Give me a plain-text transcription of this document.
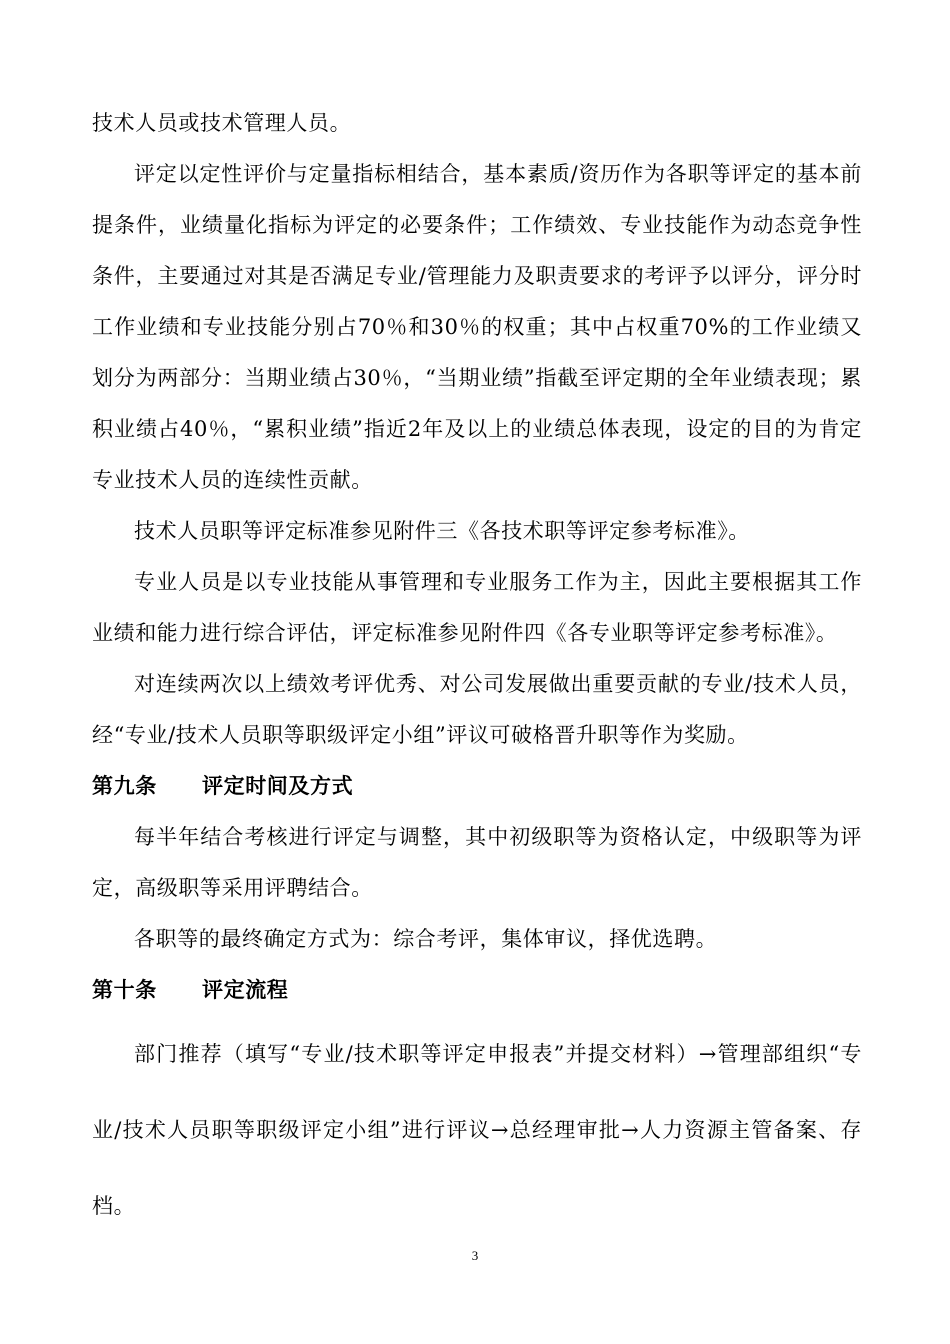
技术人员或技术管理人员。

评定以定性评价与定量指标相结合，基本素质/资历作为各职等评定的基本前提条件，业绩量化指标为评定的必要条件；工作绩效、专业技能作为动态竞争性条件，主要通过对其是否满足专业/管理能力及职责要求的考评予以评分，评分时工作业绩和专业技能分别占70％和30％的权重；其中占权重70%的工作业绩又划分为两部分：当期业绩占30％，“当期业绩”指截至评定期的全年业绩表现；累积业绩占40％，“累积业绩”指近2年及以上的业绩总体表现，设定的目的为肯定专业技术人员的连续性贡献。

技术人员职等评定标准参见附件三《各技术职等评定参考标准》。

专业人员是以专业技能从事管理和专业服务工作为主，因此主要根据其工作业绩和能力进行综合评估，评定标准参见附件四《各专业职等评定参考标准》。

对连续两次以上绩效考评优秀、对公司发展做出重要贡献的专业/技术人员，经“专业/技术人员职等职级评定小组”评议可破格晋升职等作为奖励。

第九条 评定时间及方式

每半年结合考核进行评定与调整，其中初级职等为资格认定，中级职等为评定，高级职等采用评聘结合。

各职等的最终确定方式为：综合考评，集体审议，择优选聘。

第十条 评定流程

部门推荐（填写“专业/技术职等评定申报表”并提交材料）→管理部组织“专业/技术人员职等职级评定小组”进行评议→总经理审批→人力资源主管备案、存档。

3
